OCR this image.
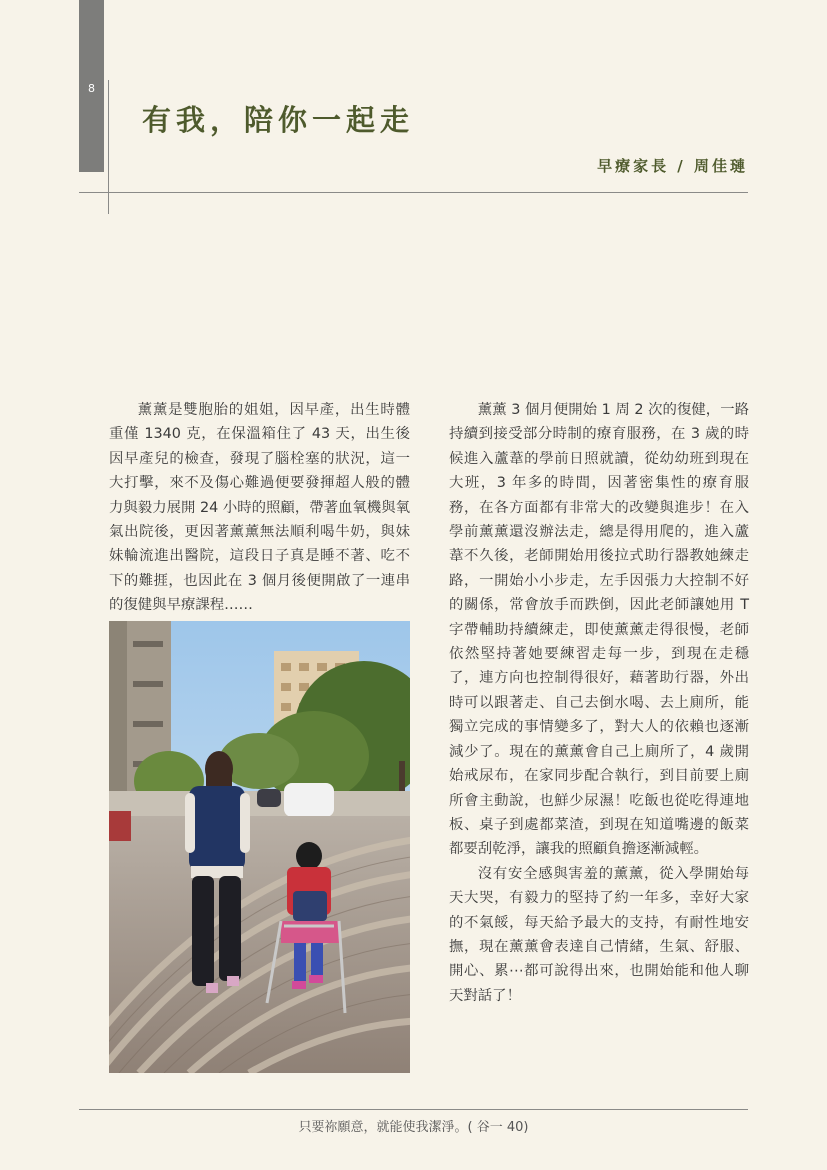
8
有我，陪你一起走
早療家長 / 周佳璉

薰薰是雙胞胎的姐姐，因早產，出生時體重僅 1340 克，在保溫箱住了 43 天，出生後因早產兒的檢查，發現了腦栓塞的狀況，這一大打擊，來不及傷心難過便要發揮超人般的體力與毅力展開 24 小時的照顧，帶著血氧機與氧氣出院後，更因著薰薰無法順利喝牛奶，與妹妹輪流進出醫院，這段日子真是睡不著、吃不下的難捱，也因此在 3 個月後便開啟了一連串的復健與早療課程……

薰薰 3 個月便開始 1 周 2 次的復健，一路持續到接受部分時制的療育服務，在 3 歲的時候進入蘆葦的學前日照就讀，從幼幼班到現在大班，3 年多的時間，因著密集性的療育服務，在各方面都有非常大的改變與進步！在入學前薰薰還沒辦法走，總是得用爬的，進入蘆葦不久後，老師開始用後拉式助行器教她練走路，一開始小小步走，左手因張力大控制不好的關係，常會放手而跌倒，因此老師讓她用 T 字帶輔助持續練走，即使薰薰走得很慢，老師依然堅持著她要練習走每一步，到現在走穩了，連方向也控制得很好，藉著助行器，外出時可以跟著走、自己去倒水喝、去上廁所，能獨立完成的事情變多了，對大人的依賴也逐漸減少了。現在的薰薰會自己上廁所了，4 歲開始戒尿布，在家同步配合執行，到目前要上廁所會主動說，也鮮少尿濕！吃飯也從吃得連地板、桌子到處都菜渣，到現在知道嘴邊的飯菜都要刮乾淨，讓我的照顧負擔逐漸減輕。

沒有安全感與害羞的薰薰，從入學開始每天大哭，有毅力的堅持了約一年多，幸好大家的不氣餒，每天給予最大的支持，有耐性地安撫，現在薰薰會表達自己情緒，生氣、舒服、開心、累⋯都可說得出來，也開始能和他人聊天對話了！

只要祢願意，就能使我潔淨。( 谷一 40)
